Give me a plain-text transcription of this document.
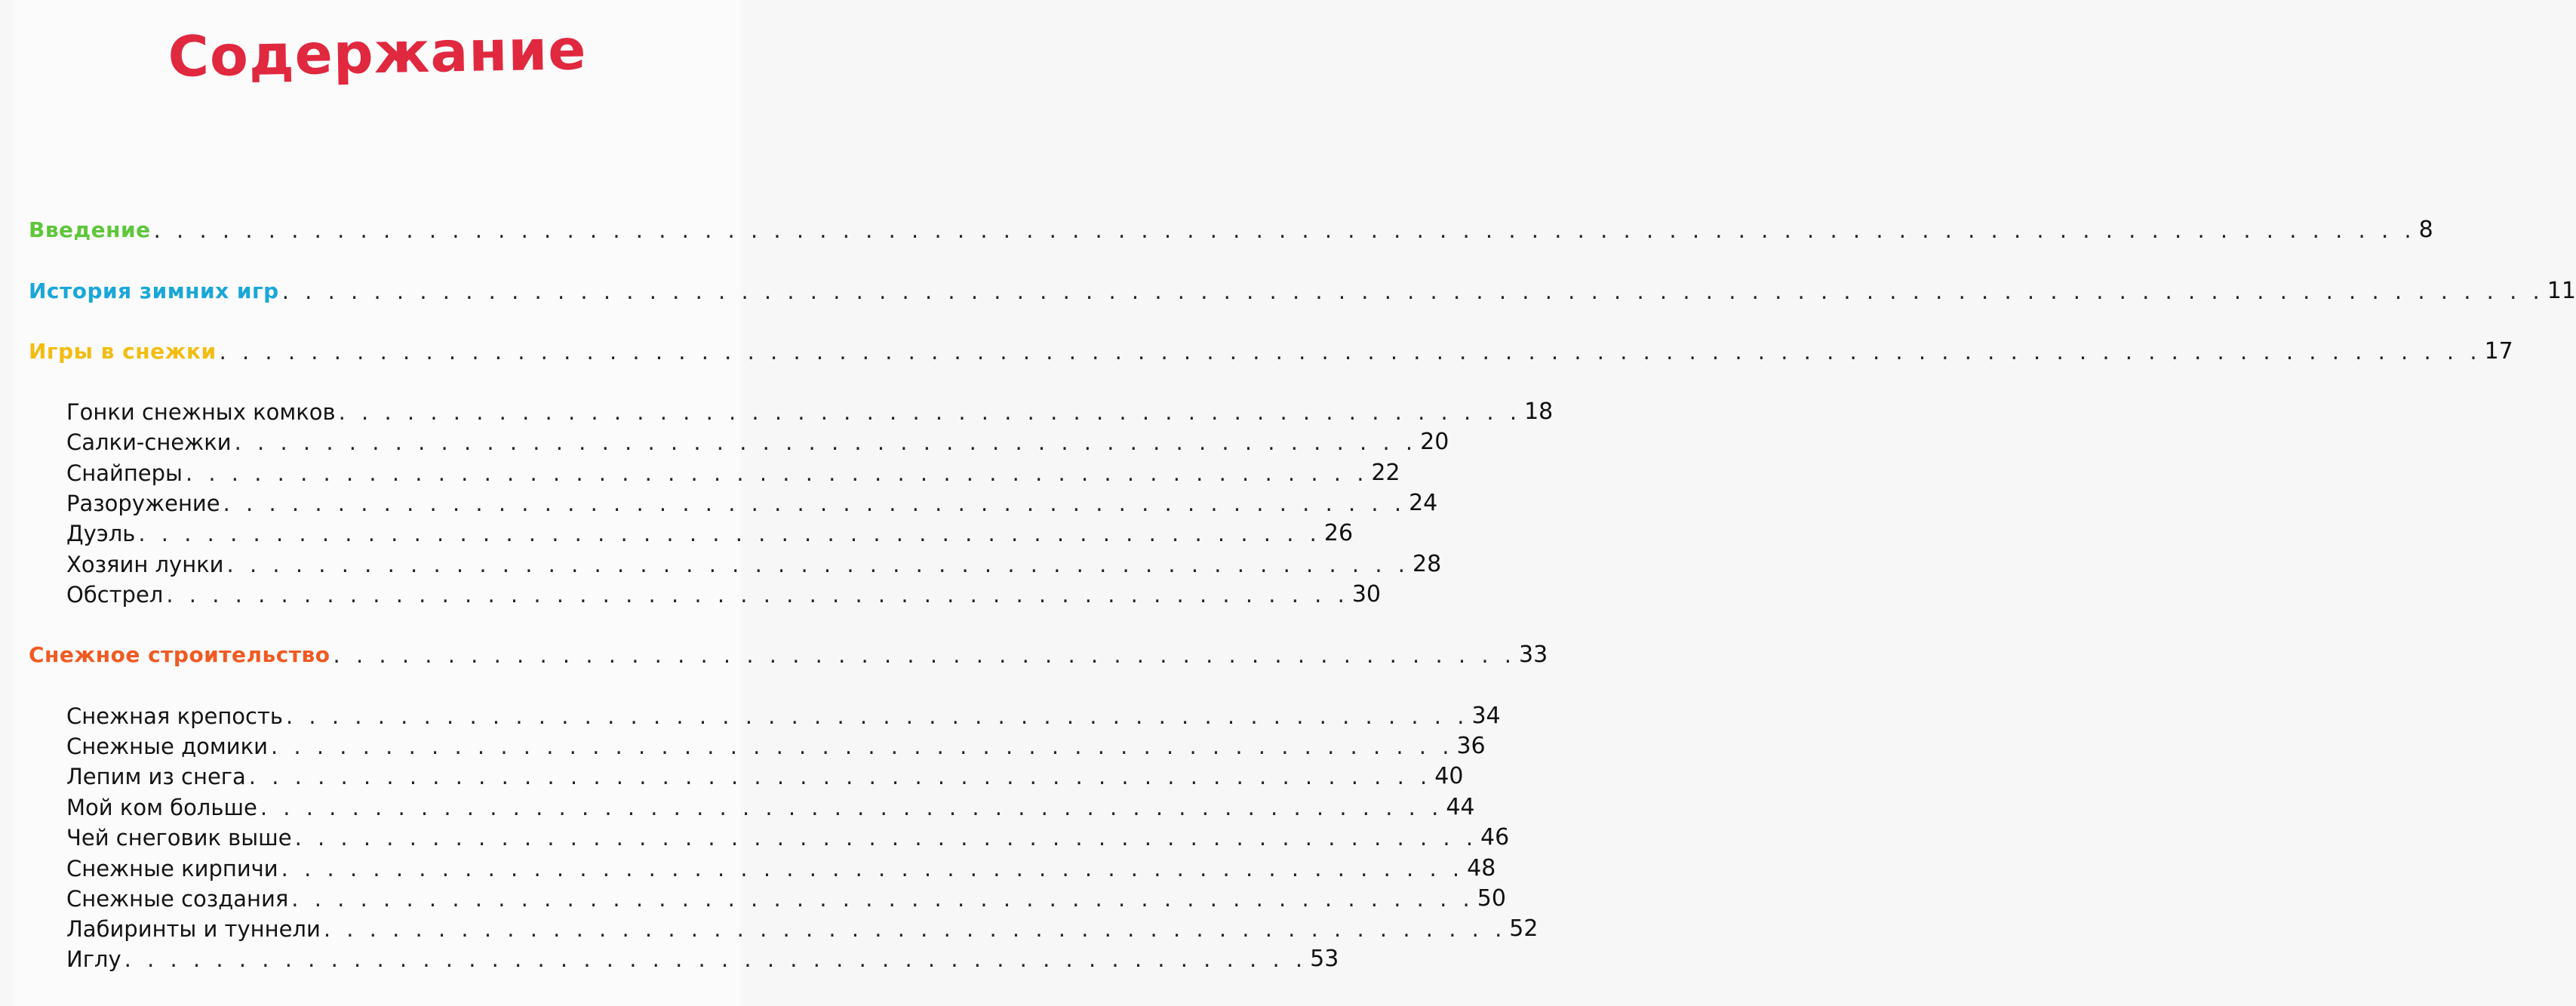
Содержание
Введение . . . . . . . . . . . . . . . . . . . . . . . . . . . . . . . . . . . . . . . . . . . . . . . . . . . . . . . . . . . . . . . . . . . . . . . . . . . . . . . . . . . . . . . . . . . . . . . . . . . 8
История зимних игр . . . . . . . . . . . . . . . . . . . . . . . . . . . . . . . . . . . . . . . . . . . . . . . . . . . . . . . . . . . . . . . . . . . . . . . . . . . . . . . . . . . . . . . . . . . . . . . . . . . 11
Игры в снежки . . . . . . . . . . . . . . . . . . . . . . . . . . . . . . . . . . . . . . . . . . . . . . . . . . . . . . . . . . . . . . . . . . . . . . . . . . . . . . . . . . . . . . . . . . . . . . . . . . . 17
Гонки снежных комков . . . . . . . . . . . . . . . . . . . . . . . . . . . . . . . . . . . . . . . . . . . . . . . . . . . . 18
Салки-снежки . . . . . . . . . . . . . . . . . . . . . . . . . . . . . . . . . . . . . . . . . . . . . . . . . . . . 20
Снайперы . . . . . . . . . . . . . . . . . . . . . . . . . . . . . . . . . . . . . . . . . . . . . . . . . . . . 22
Разоружение . . . . . . . . . . . . . . . . . . . . . . . . . . . . . . . . . . . . . . . . . . . . . . . . . . . . 24
Дуэль . . . . . . . . . . . . . . . . . . . . . . . . . . . . . . . . . . . . . . . . . . . . . . . . . . . . 26
Хозяин лунки . . . . . . . . . . . . . . . . . . . . . . . . . . . . . . . . . . . . . . . . . . . . . . . . . . . . 28
Обстрел . . . . . . . . . . . . . . . . . . . . . . . . . . . . . . . . . . . . . . . . . . . . . . . . . . . . 30
Снежное строительство . . . . . . . . . . . . . . . . . . . . . . . . . . . . . . . . . . . . . . . . . . . . . . . . . . . . 33
Снежная крепость . . . . . . . . . . . . . . . . . . . . . . . . . . . . . . . . . . . . . . . . . . . . . . . . . . . . 34
Снежные домики . . . . . . . . . . . . . . . . . . . . . . . . . . . . . . . . . . . . . . . . . . . . . . . . . . . . 36
Лепим из снега . . . . . . . . . . . . . . . . . . . . . . . . . . . . . . . . . . . . . . . . . . . . . . . . . . . . 40
Мой ком больше . . . . . . . . . . . . . . . . . . . . . . . . . . . . . . . . . . . . . . . . . . . . . . . . . . . . 44
Чей снеговик выше . . . . . . . . . . . . . . . . . . . . . . . . . . . . . . . . . . . . . . . . . . . . . . . . . . . . 46
Снежные кирпичи . . . . . . . . . . . . . . . . . . . . . . . . . . . . . . . . . . . . . . . . . . . . . . . . . . . . 48
Снежные создания . . . . . . . . . . . . . . . . . . . . . . . . . . . . . . . . . . . . . . . . . . . . . . . . . . . . 50
Лабиринты и туннели . . . . . . . . . . . . . . . . . . . . . . . . . . . . . . . . . . . . . . . . . . . . . . . . . . . . 52
Иглу . . . . . . . . . . . . . . . . . . . . . . . . . . . . . . . . . . . . . . . . . . . . . . . . . . . . 53
